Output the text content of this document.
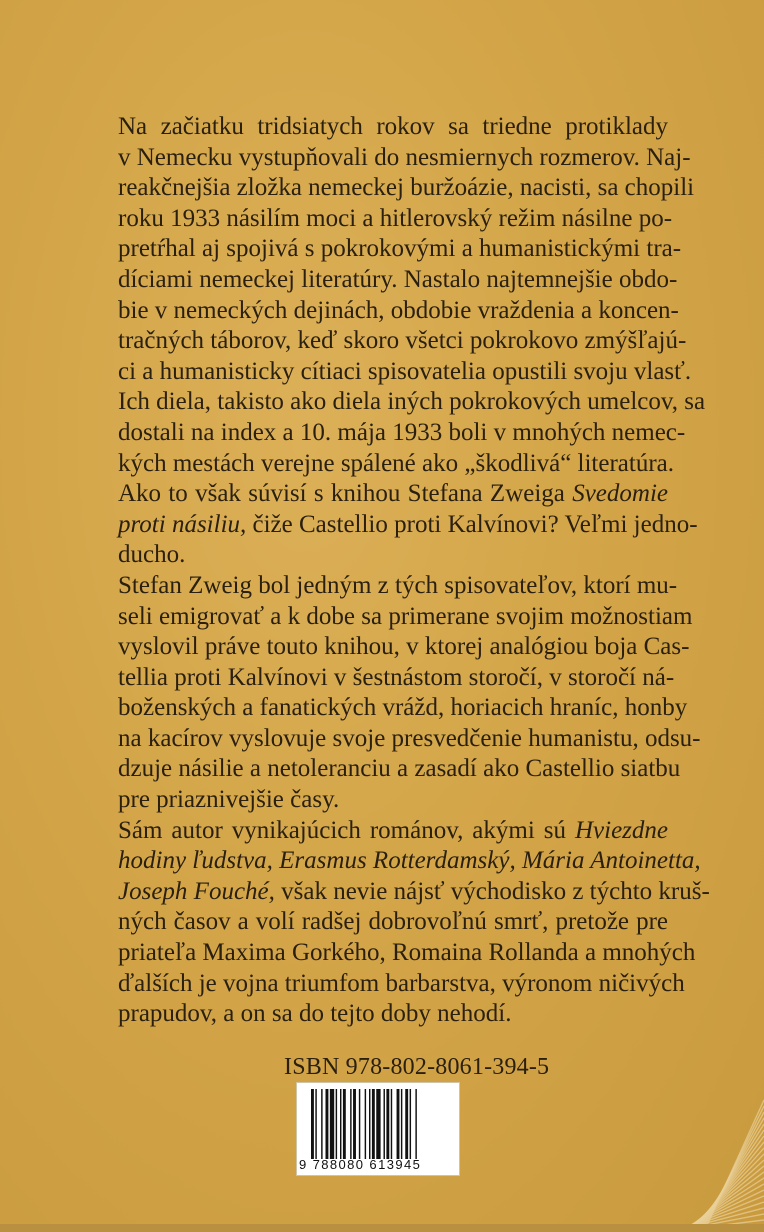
Na začiatku tridsiatych rokov sa triedne protiklady
v Nemecku vystupňovali do nesmiernych rozmerov. Naj-
reakčnejšia zložka nemeckej buržoázie, nacisti, sa chopili
roku 1933 násilím moci a hitlerovský režim násilne po-
pretŕhal aj spojivá s pokrokovými a humanistickými tra-
díciami nemeckej literatúry. Nastalo najtemnejšie obdo-
bie v nemeckých dejinách, obdobie vraždenia a koncen-
tračných táborov, keď skoro všetci pokrokovo zmýšľajú-
ci a humanisticky cítiaci spisovatelia opustili svoju vlasť.
Ich diela, takisto ako diela iných pokrokových umelcov, sa
dostali na index a 10. mája 1933 boli v mnohých nemec-
kých mestách verejne spálené ako „škodlivá“ literatúra.
Ako to však súvisí s knihou Stefana Zweiga Svedomie
proti násiliu, čiže Castellio proti Kalvínovi? Veľmi jedno-
ducho.
Stefan Zweig bol jedným z tých spisovateľov, ktorí mu-
seli emigrovať a k dobe sa primerane svojim možnostiam
vyslovil práve touto knihou, v ktorej analógiou boja Cas-
tellia proti Kalvínovi v šestnástom storočí, v storočí ná-
boženských a fanatických vrážd, horiacich hraníc, honby
na kacírov vyslovuje svoje presvedčenie humanistu, odsu-
dzuje násilie a netoleranciu a zasadí ako Castellio siatbu
pre priaznivejšie časy.
Sám autor vynikajúcich románov, akými sú Hviezdne
hodiny ľudstva, Erasmus Rotterdamský, Mária Antoinetta,
Joseph Fouché, však nevie nájsť východisko z týchto kruš-
ných časov a volí radšej dobrovoľnú smrť, pretože pre
priateľa Maxima Gorkého, Romaina Rollanda a mnohých
ďalších je vojna triumfom barbarstva, výronom ničivých
prapudov, a on sa do tejto doby nehodí.
ISBN 978-802-8061-394-5
9 788080 613945
